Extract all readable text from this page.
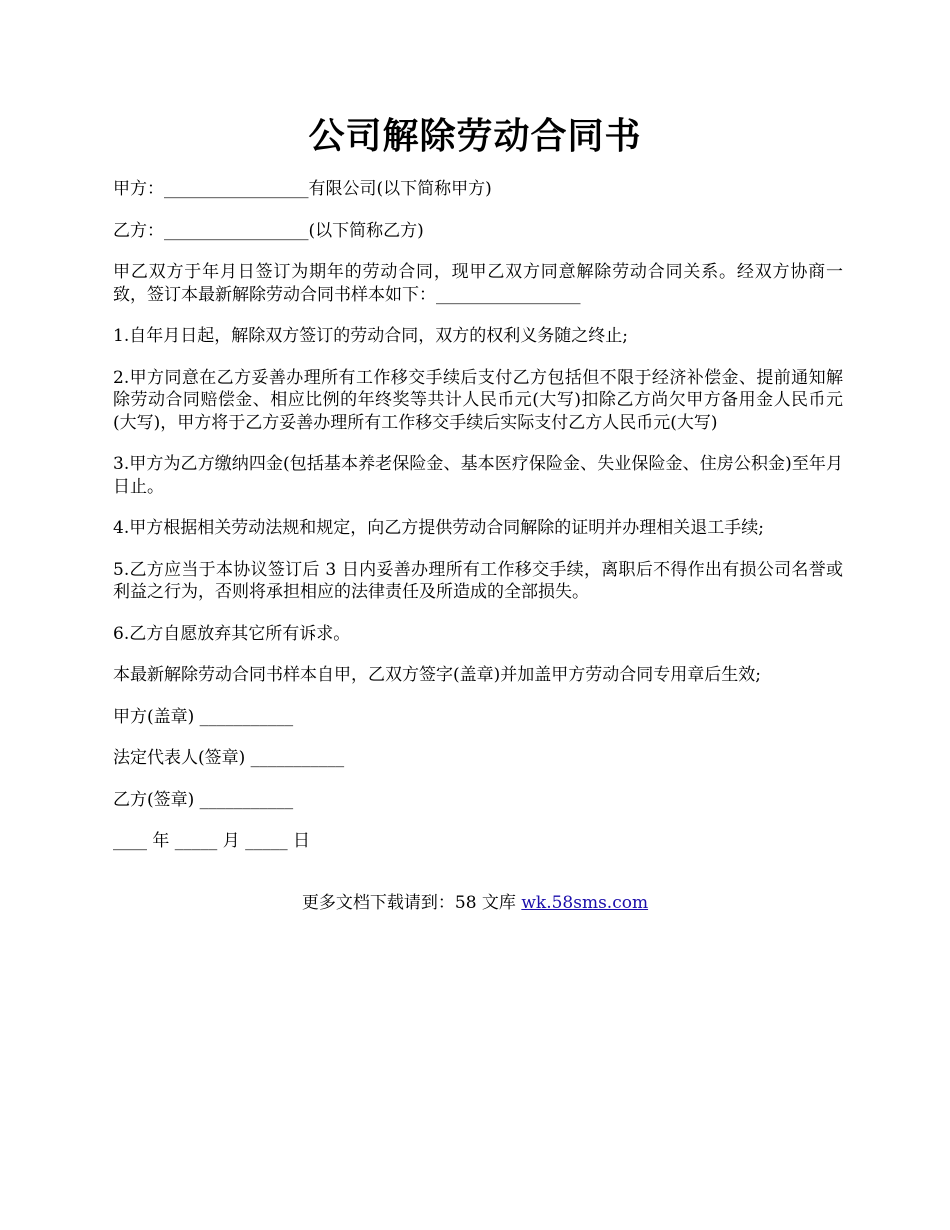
公司解除劳动合同书

甲方：_________________有限公司(以下简称甲方)

乙方：_________________(以下简称乙方)

甲乙双方于年月日签订为期年的劳动合同，现甲乙双方同意解除劳动合同关系。经双方协商一致，签订本最新解除劳动合同书样本如下：_________________

1.自年月日起，解除双方签订的劳动合同，双方的权利义务随之终止;

2.甲方同意在乙方妥善办理所有工作移交手续后支付乙方包括但不限于经济补偿金、提前通知解除劳动合同赔偿金、相应比例的年终奖等共计人民币元(大写)扣除乙方尚欠甲方备用金人民币元(大写)，甲方将于乙方妥善办理所有工作移交手续后实际支付乙方人民币元(大写)

3.甲方为乙方缴纳四金(包括基本养老保险金、基本医疗保险金、失业保险金、住房公积金)至年月日止。

4.甲方根据相关劳动法规和规定，向乙方提供劳动合同解除的证明并办理相关退工手续;

5.乙方应当于本协议签订后 3 日内妥善办理所有工作移交手续，离职后不得作出有损公司名誉或利益之行为，否则将承担相应的法律责任及所造成的全部损失。

6.乙方自愿放弃其它所有诉求。

本最新解除劳动合同书样本自甲，乙双方签字(盖章)并加盖甲方劳动合同专用章后生效;

甲方(盖章) ___________

法定代表人(签章) ___________

乙方(签章) ___________

____ 年 _____ 月 _____ 日

更多文档下载请到：58 文库 wk.58sms.com
